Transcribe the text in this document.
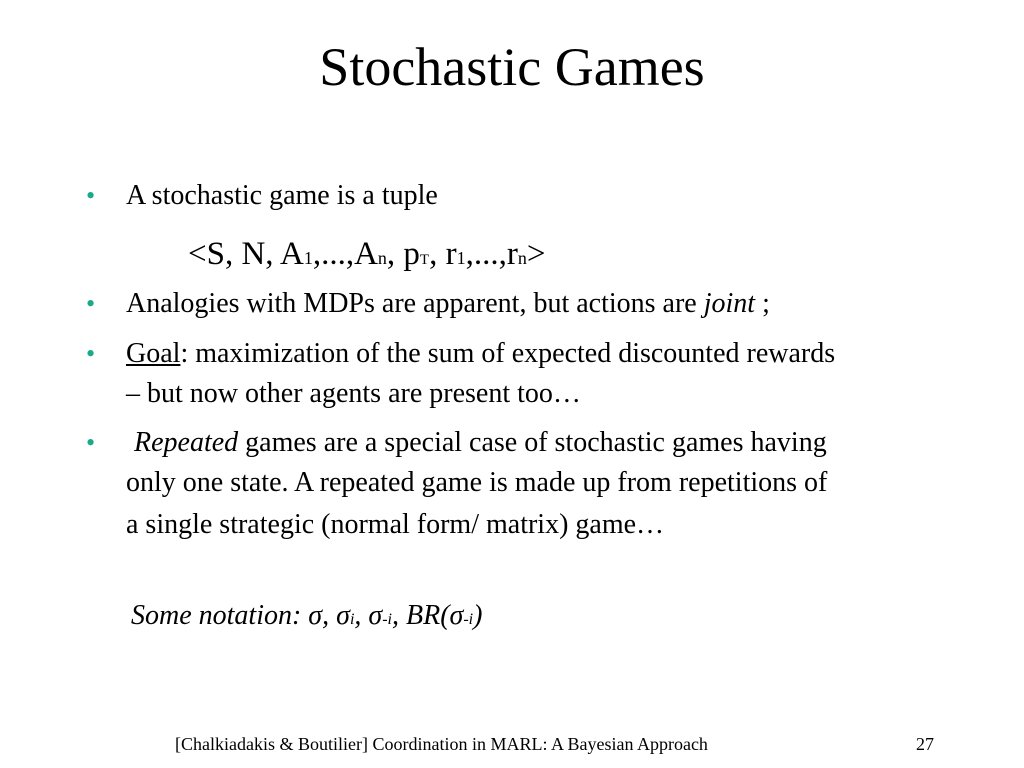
Stochastic Games
•	A stochastic game is a tuple
<S, N, A1,...,An, pT, r1,...,rn>
•	Analogies with MDPs are apparent, but actions are joint ;
•	Goal: maximization of the sum of expected discounted rewards
– but now other agents are present too…
•	Repeated games are a special case of stochastic games having
only one state. A repeated game is made up from repetitions of
a single strategic (normal form/ matrix) game…
Some notation: σ, σi, σ-i, BR(σ-i)
[Chalkiadakis & Boutilier] Coordination in MARL: A Bayesian Approach	27
